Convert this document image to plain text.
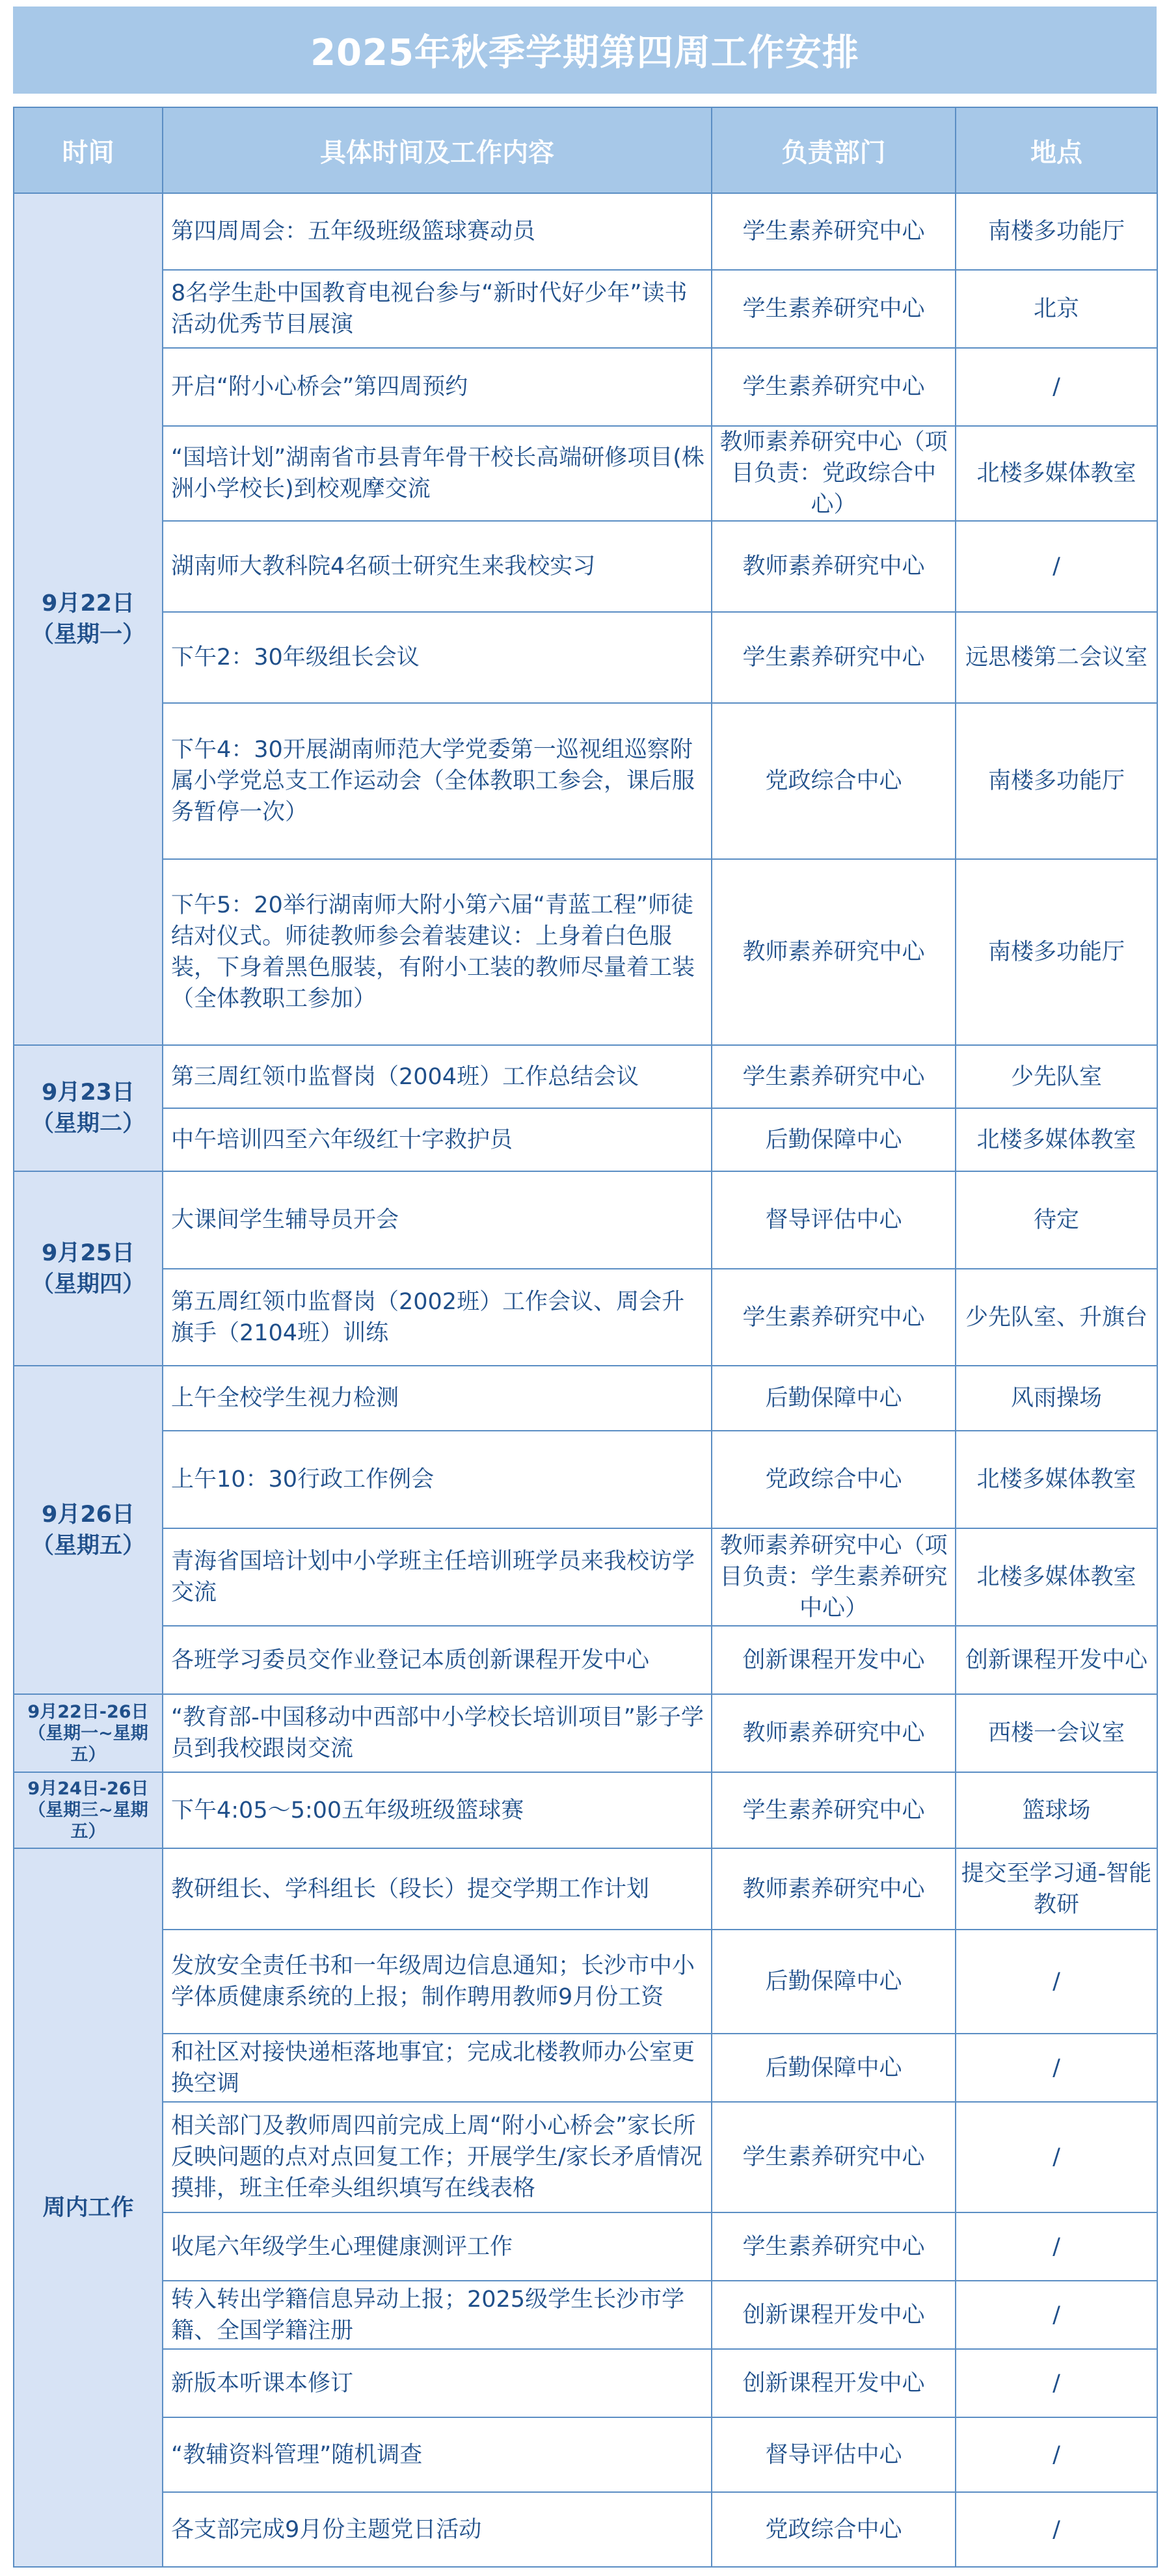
2025年秋季学期第四周工作安排
时间	具体时间及工作内容	负责部门	地点

9月22日
（星期一）	第四周周会：五年级班级篮球赛动员	学生素养研究中心	南楼多功能厅
	8名学生赴中国教育电视台参与“新时代好少年”读书活动优秀节目展演	学生素养研究中心	北京
	开启“附小心桥会”第四周预约	学生素养研究中心	/
	“国培计划”湖南省市县青年骨干校长高端研修项目(株洲小学校长)到校观摩交流	教师素养研究中心（项目负责：党政综合中心）	北楼多媒体教室
	湖南师大教科院4名硕士研究生来我校实习	教师素养研究中心	/
	下午2：30年级组长会议	学生素养研究中心	远思楼第二会议室
	下午4：30开展湖南师范大学党委第一巡视组巡察附属小学党总支工作运动会（全体教职工参会，课后服务暂停一次）	党政综合中心	南楼多功能厅
	下午5：20举行湖南师大附小第六届“青蓝工程”师徒结对仪式。师徒教师参会着装建议：上身着白色服装，下身着黑色服装，有附小工装的教师尽量着工装（全体教职工参加）	教师素养研究中心	南楼多功能厅

9月23日
（星期二）	第三周红领巾监督岗（2004班）工作总结会议	学生素养研究中心	少先队室
	中午培训四至六年级红十字救护员	后勤保障中心	北楼多媒体教室

9月25日
（星期四）	大课间学生辅导员开会	督导评估中心	待定
	第五周红领巾监督岗（2002班）工作会议、周会升旗手（2104班）训练	学生素养研究中心	少先队室、升旗台

9月26日
（星期五）	上午全校学生视力检测	后勤保障中心	风雨操场
	上午10：30行政工作例会	党政综合中心	北楼多媒体教室
	青海省国培计划中小学班主任培训班学员来我校访学交流	教师素养研究中心（项目负责：学生素养研究中心）	北楼多媒体教室
	各班学习委员交作业登记本质创新课程开发中心	创新课程开发中心	创新课程开发中心

9月22日-26日
（星期一~星期五）	“教育部-中国移动中西部中小学校长培训项目”影子学员到我校跟岗交流	教师素养研究中心	西楼一会议室

9月24日-26日
（星期三~星期五）	下午4:05～5:00五年级班级篮球赛	学生素养研究中心	篮球场

周内工作	教研组长、学科组长（段长）提交学期工作计划	教师素养研究中心	提交至学习通-智能教研
	发放安全责任书和一年级周边信息通知；长沙市中小学体质健康系统的上报；制作聘用教师9月份工资	后勤保障中心	/
	和社区对接快递柜落地事宜；完成北楼教师办公室更换空调	后勤保障中心	/
	相关部门及教师周四前完成上周“附小心桥会”家长所反映问题的点对点回复工作；开展学生/家长矛盾情况摸排，班主任牵头组织填写在线表格	学生素养研究中心	/
	收尾六年级学生心理健康测评工作	学生素养研究中心	/
	转入转出学籍信息异动上报；2025级学生长沙市学籍、全国学籍注册	创新课程开发中心	/
	新版本听课本修订	创新课程开发中心	/
	“教辅资料管理”随机调查	督导评估中心	/
	各支部完成9月份主题党日活动	党政综合中心	/
